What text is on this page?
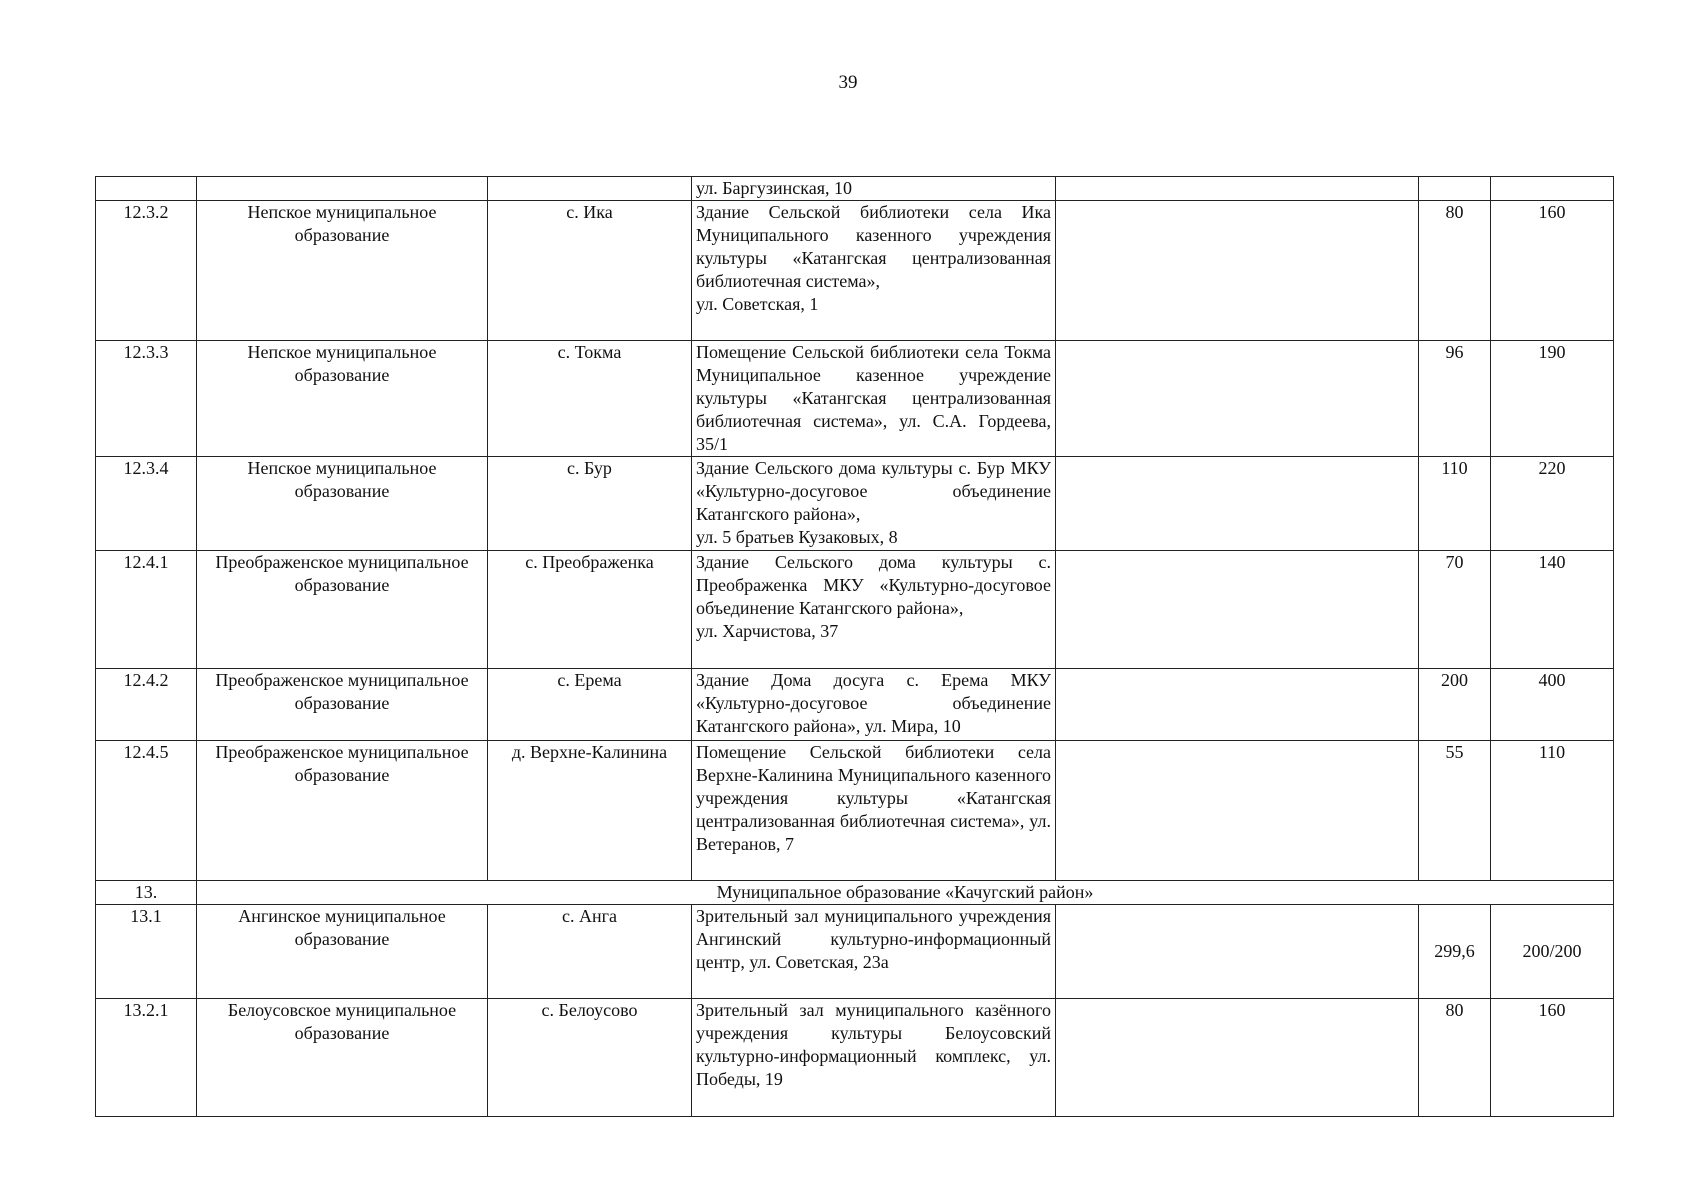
39
			ул. Баргузинская, 10			
12.3.2	Непское муниципальное образование	с. Ика	Здание Сельской библиотеки села Ика Муниципального казенного учреждения культуры «Катангская централизованная библиотечная система»,
ул. Советская, 1		80	160
12.3.3	Непское муниципальное образование	с. Токма	Помещение Сельской библиотеки села Токма Муниципальное казенное учреждение культуры «Катангская централизованная библиотечная система», ул. С.А. Гордеева, 35/1		96	190
12.3.4	Непское муниципальное образование	с. Бур	Здание Сельского дома культуры с. Бур МКУ «Культурно-досуговое объединение Катангского района»,
ул. 5 братьев Кузаковых, 8		110	220
12.4.1	Преображенское муниципальное образование	с. Преображенка	Здание Сельского дома культуры с. Преображенка МКУ «Культурно-досуговое объединение Катангского района»,
ул. Харчистова, 37		70	140
12.4.2	Преображенское муниципальное образование	с. Ерема	Здание Дома досуга с. Ерема МКУ «Культурно-досуговое объединение Катангского района», ул. Мира, 10		200	400
12.4.5	Преображенское муниципальное образование	д. Верхне-Калинина	Помещение Сельской библиотеки села Верхне-Калинина Муниципального казенного учреждения культуры «Катангская централизованная библиотечная система», ул. Ветеранов, 7		55	110
13.	Муниципальное образование «Качугский район»					
13.1	Ангинское муниципальное образование	с. Анга	Зрительный зал муниципального учреждения Ангинский культурно-информационный центр, ул. Советская, 23а		299,6	200/200
13.2.1	Белоусовское муниципальное образование	с. Белоусово	Зрительный зал муниципального казённого учреждения культуры Белоусовский культурно-информационный комплекс, ул. Победы, 19		80	160
